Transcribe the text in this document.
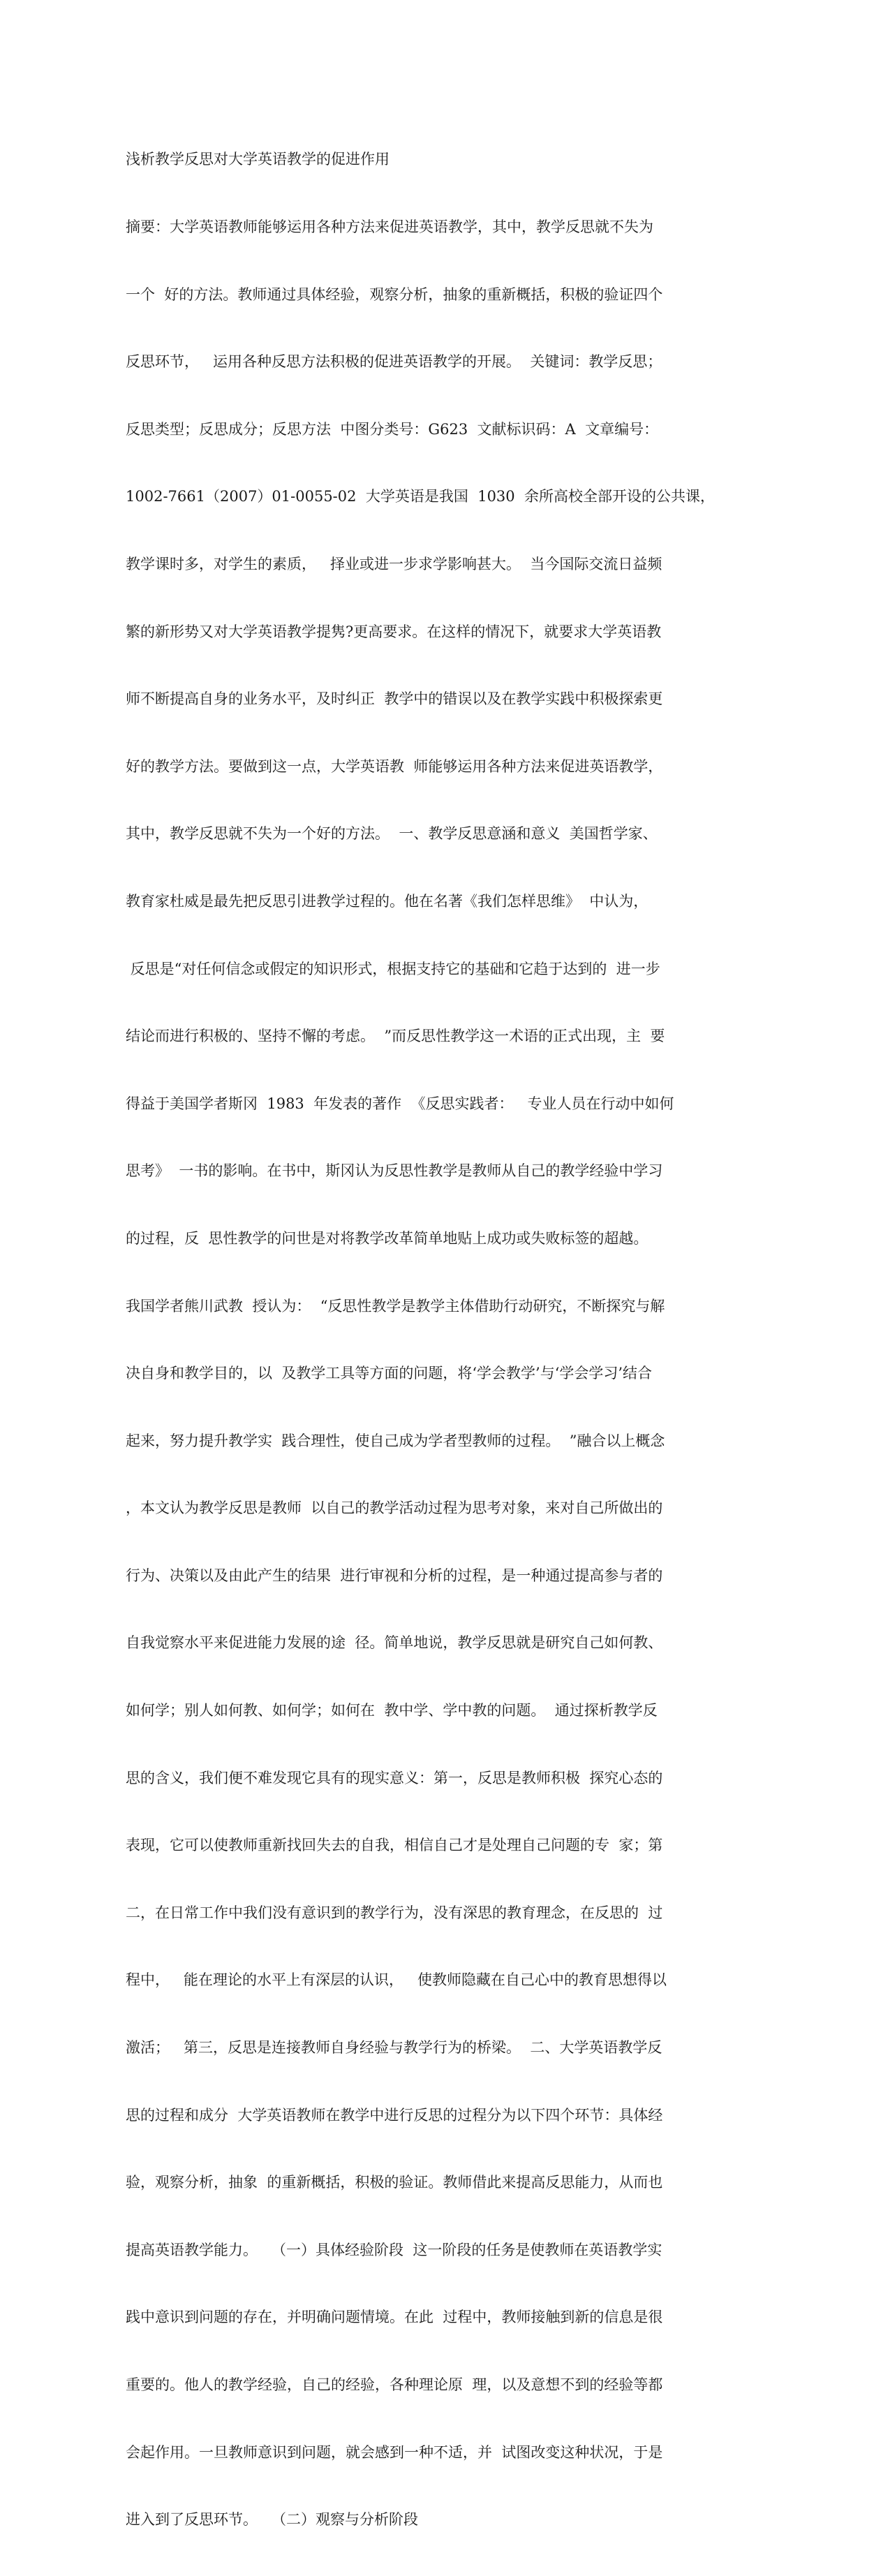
浅析教学反思对大学英语教学的促进作用

摘要：大学英语教师能够运用各种方法来促进英语教学，其中，教学反思就不失为

一个  好的方法。教师通过具体经验，观察分析，抽象的重新概括，积极的验证四个

反思环节，   运用各种反思方法积极的促进英语教学的开展。  关键词：教学反思；

反思类型；反思成分；反思方法  中图分类号：G623  文献标识码：A  文章编号：

1002-7661（2007）01-0055-02  大学英语是我国  1030  余所高校全部开设的公共课，

教学课时多，对学生的素质，   择业或进一步求学影响甚大。  当今国际交流日益频

繁的新形势又对大学英语教学提隽?更高要求。在这样的情况下，就要求大学英语教

师不断提高自身的业务水平，及时纠正  教学中的错误以及在教学实践中积极探索更

好的教学方法。要做到这一点，大学英语教  师能够运用各种方法来促进英语教学，

其中，教学反思就不失为一个好的方法。  一、教学反思意涵和意义  美国哲学家、

教育家杜威是最先把反思引进教学过程的。他在名著《我们怎样思维》  中认为，

反思是“对任何信念或假定的知识形式，根据支持它的基础和它趋于达到的  进一步

结论而进行积极的、坚持不懈的考虑。  ”而反思性教学这一术语的正式出现，主  要

得益于美国学者斯冈  1983  年发表的著作  《反思实践者：   专业人员在行动中如何

思考》  一书的影响。在书中，斯冈认为反思性教学是教师从自己的教学经验中学习

的过程，反  思性教学的问世是对将教学改革简单地贴上成功或失败标签的超越。

我国学者熊川武教  授认为：  “反思性教学是教学主体借助行动研究，不断探究与解

决自身和教学目的，以  及教学工具等方面的问题，将‘学会教学’与‘学会学习’结合

起来，努力提升教学实  践合理性，使自己成为学者型教师的过程。  ”融合以上概念

，本文认为教学反思是教师  以自己的教学活动过程为思考对象，来对自己所做出的

行为、决策以及由此产生的结果  进行审视和分析的过程，是一种通过提高参与者的

自我觉察水平来促进能力发展的途  径。简单地说，教学反思就是研究自己如何教、

如何学；别人如何教、如何学；如何在  教中学、学中教的问题。  通过探析教学反

思的含义，我们便不难发现它具有的现实意义：第一，反思是教师积极  探究心态的

表现，它可以使教师重新找回失去的自我，相信自己才是处理自己问题的专  家；第

二，在日常工作中我们没有意识到的教学行为，没有深思的教育理念，在反思的  过

程中，   能在理论的水平上有深层的认识，   使教师隐藏在自己心中的教育思想得以

激活；   第三，反思是连接教师自身经验与教学行为的桥梁。  二、大学英语教学反

思的过程和成分  大学英语教师在教学中进行反思的过程分为以下四个环节：具体经

验，观察分析，抽象  的重新概括，积极的验证。教师借此来提高反思能力，从而也

提高英语教学能力。   （一）具体经验阶段  这一阶段的任务是使教师在英语教学实

践中意识到问题的存在，并明确问题情境。在此  过程中，教师接触到新的信息是很

重要的。他人的教学经验，自己的经验，各种理论原  理，以及意想不到的经验等都

会起作用。一旦教师意识到问题，就会感到一种不适，并  试图改变这种状况，于是

进入到了反思环节。   （二）观察与分析阶段
